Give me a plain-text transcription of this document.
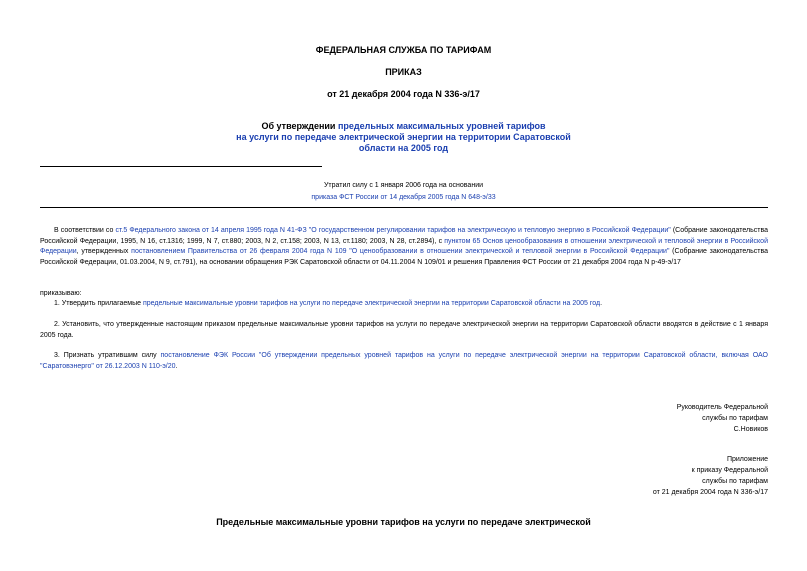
ФЕДЕРАЛЬНАЯ СЛУЖБА ПО ТАРИФАМ
ПРИКАЗ
от 21 декабря 2004 года N 336-э/17
Об утверждении предельных максимальных уровней тарифов
на услуги по передаче электрической энергии на территории Саратовской
области на 2005 год
Утратил силу с 1 января 2006 года на основании
приказа ФСТ России от 14 декабря 2005 года N 648-э/33
В соответствии со ст.5 Федерального закона от 14 апреля 1995 года N 41-ФЗ "О государственном регулировании тарифов на электрическую и тепловую энергию в Российской Федерации" (Собрание законодательства Российской Федерации, 1995, N 16, ст.1316; 1999, N 7, ст.880; 2003, N 2, ст.158; 2003, N 13, ст.1180; 2003, N 28, ст.2894), с пунктом 65 Основ ценообразования в отношении электрической и тепловой энергии в Российской Федерации, утвержденных постановлением Правительства от 26 февраля 2004 года N 109 "О ценообразовании в отношении электрической и тепловой энергии в Российской Федерации" (Собрание законодательства Российской Федерации, 01.03.2004, N 9, ст.791), на основании обращения РЭК Саратовской области от 04.11.2004 N 109/01 и решения Правления ФСТ России от 21 декабря 2004 года N р-49-э/17
приказываю:
1. Утвердить прилагаемые предельные максимальные уровни тарифов на услуги по передаче электрической энергии на территории Саратовской области на 2005 год.
2. Установить, что утвержденные настоящим приказом предельные максимальные уровни тарифов на услуги по передаче электрической энергии на территории Саратовской области вводятся в действие с 1 января 2005 года.
3. Признать утратившим силу постановление ФЭК России "Об утверждении предельных уровней тарифов на услуги по передаче электрической энергии на территории Саратовской области, включая ОАО "Саратовэнерго" от 26.12.2003 N 110-э/20.
Руководитель Федеральной
службы по тарифам
С.Новиков
Приложение
к приказу Федеральной
службы по тарифам
от 21 декабря 2004 года N 336-э/17
Предельные максимальные уровни тарифов на услуги по передаче электрической
